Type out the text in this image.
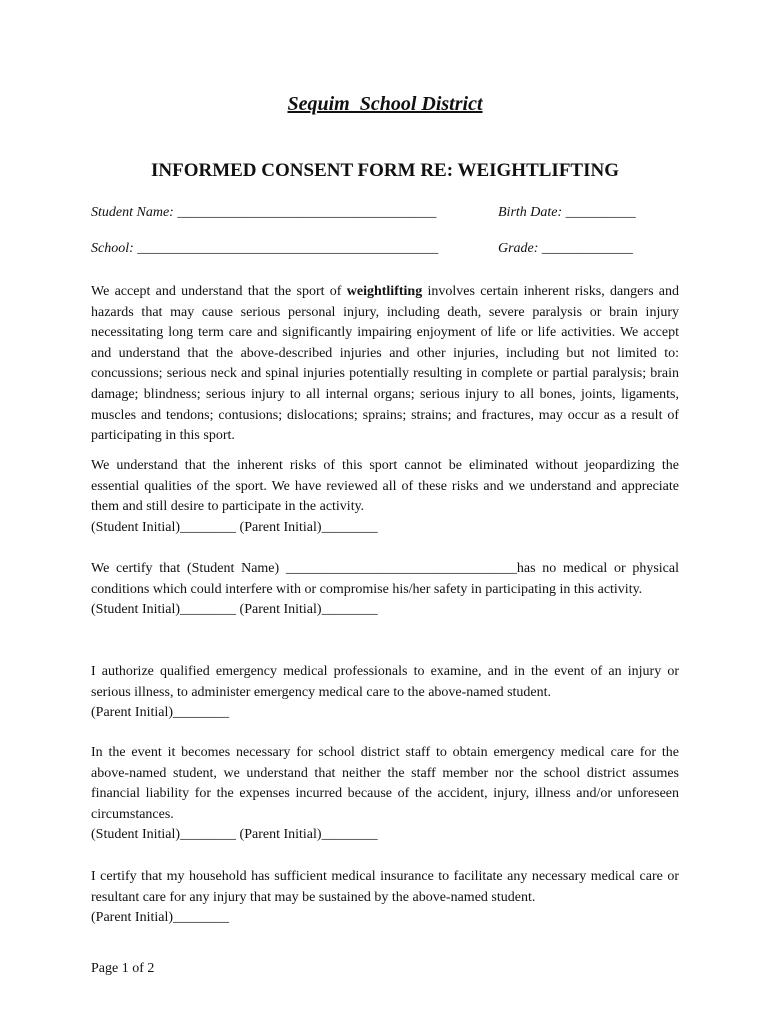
Sequim_School District
INFORMED CONSENT FORM RE: WEIGHTLIFTING
Student Name: _____________________________________	Birth Date: __________
School: ___________________________________________	Grade: _____________

We accept and understand that the sport of weightlifting involves certain inherent risks, dangers and hazards that may cause serious personal injury, including death, severe paralysis or brain injury necessitating long term care and significantly impairing enjoyment of life or life activities. We accept and understand that the above-described injuries and other injuries, including but not limited to: concussions; serious neck and spinal injuries potentially resulting in complete or partial paralysis; brain damage; blindness; serious injury to all internal organs; serious injury to all bones, joints, ligaments, muscles and tendons; contusions; dislocations; sprains; strains; and fractures, may occur as a result of participating in this sport.

We understand that the inherent risks of this sport cannot be eliminated without jeopardizing the essential qualities of the sport. We have reviewed all of these risks and we understand and appreciate them and still desire to participate in the activity.

(Student Initial)________ (Parent Initial)________

We certify that (Student Name) _________________________________has no medical or physical conditions which could interfere with or compromise his/her safety in participating in this activity.

(Student Initial)________ (Parent Initial)________

I authorize qualified emergency medical professionals to examine, and in the event of an injury or serious illness, to administer emergency medical care to the above-named student.

(Parent Initial)________

In the event it becomes necessary for school district staff to obtain emergency medical care for the above-named student, we understand that neither the staff member nor the school district assumes financial liability for the expenses incurred because of the accident, injury, illness and/or unforeseen circumstances.

(Student Initial)________ (Parent Initial)________

I certify that my household has sufficient medical insurance to facilitate any necessary medical care or resultant care for any injury that may be sustained by the above-named student.

(Parent Initial)________

Page 1 of 2
